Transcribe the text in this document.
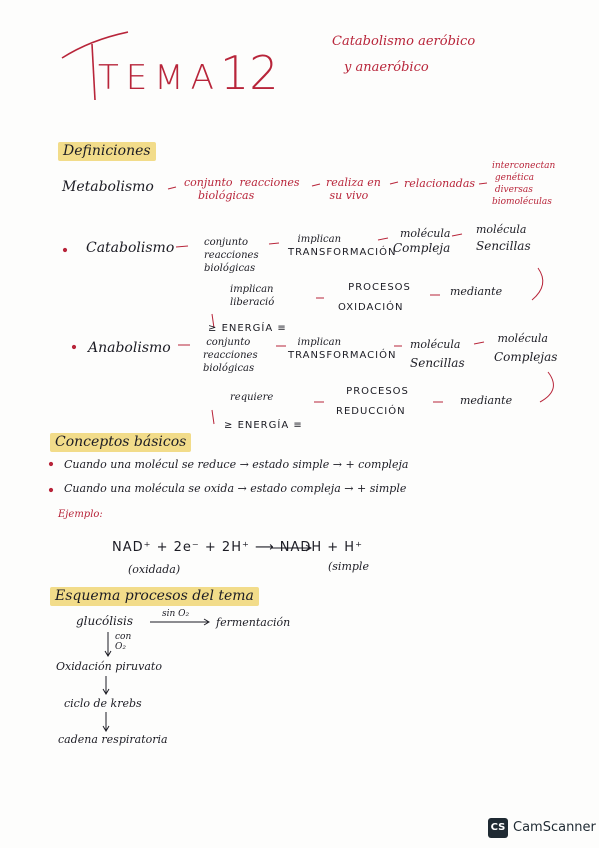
TEMA 12
Catabolismo aeróbico
y anaeróbico
Definiciones
Metabolismo	conjunto reacciones
biológicas
realiza en
su vivo
relacionadas
interconectan
genética
diversas
biomoléculas
Catabolismo	conjunto
reacciones
biológicas
implican
TRANSFORMACIÓN
molécula
Compleja
molécula
Sencillas
implican
liberació
PROCESOS
OXIDACIÓN
mediante
≥ ENERGÍA ≡
Anabolismo	conjunto
reacciones
biológicas
implican
TRANSFORMACIÓN
molécula
Sencillas
molécula
Complejas
requiere
PROCESOS
REDUCCIÓN
mediante
≥ ENERGÍA ≡
Conceptos básicos
Cuando una molécul se reduce → estado simple → + compleja
Cuando una molécula se oxida → estado compleja → + simple
Ejemplo:
NAD⁺ + 2e⁻ + 2H⁺ ⟶ NADH + H⁺
(oxidada)	(simple
Esquema procesos del tema
glucólisis	sin O₂
fermentación
con
O₂
Oxidación piruvato
ciclo de krebs
cadena respiratoria
CS CamScanner
